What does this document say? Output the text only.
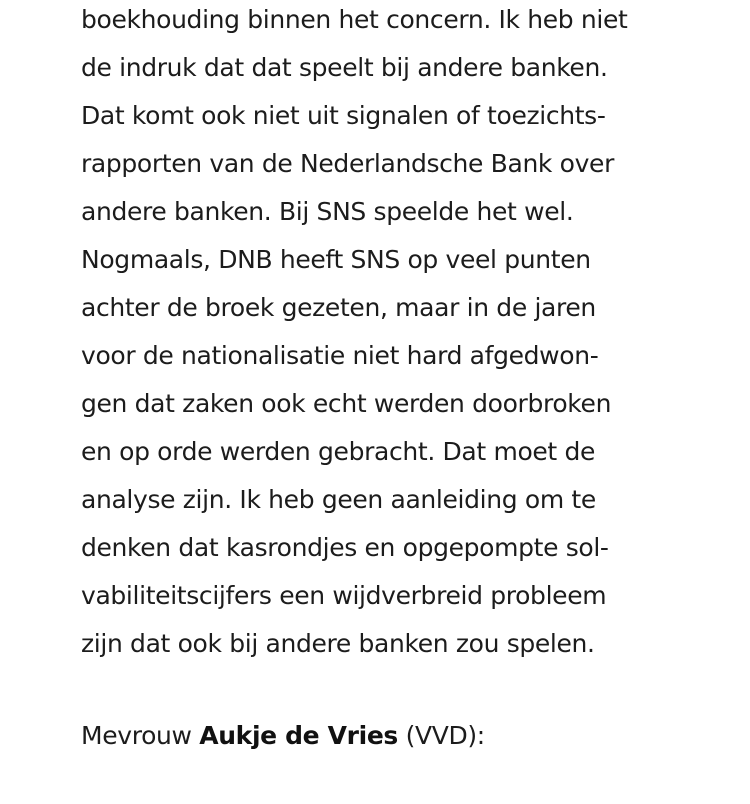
boekhouding binnen het concern. Ik heb niet
de indruk dat dat speelt bij andere banken.
Dat komt ook niet uit signalen of toezichts-
rapporten van de Nederlandsche Bank over
andere banken. Bij SNS speelde het wel.
Nogmaals, DNB heeft SNS op veel punten
achter de broek gezeten, maar in de jaren
voor de nationalisatie niet hard afgedwon-
gen dat zaken ook echt werden doorbroken
en op orde werden gebracht. Dat moet de
analyse zijn. Ik heb geen aanleiding om te
denken dat kasrondjes en opgepompte sol-
vabiliteitscijfers een wijdverbreid probleem
zijn dat ook bij andere banken zou spelen.
Mevrouw Aukje de Vries (VVD):
